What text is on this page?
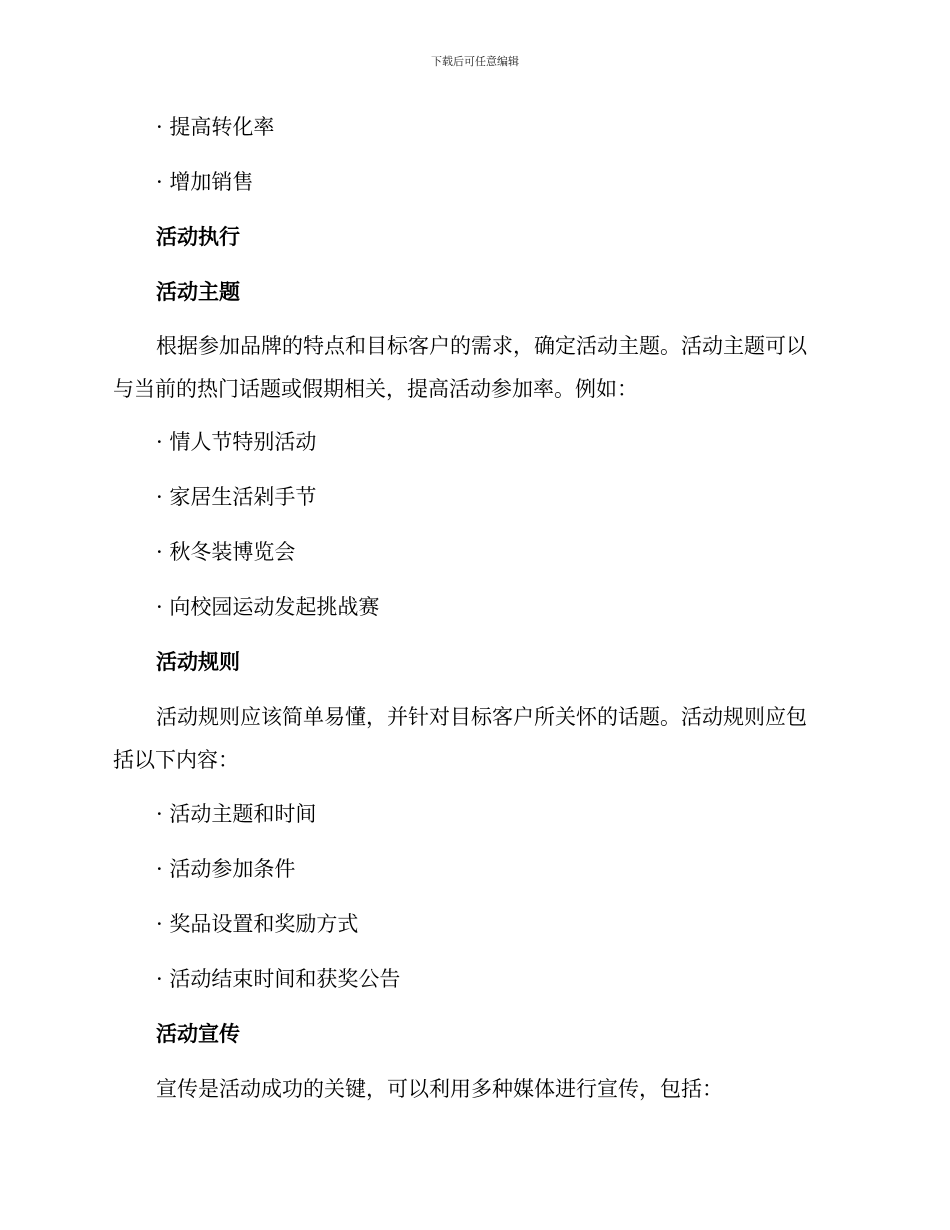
下载后可任意编辑
· 提高转化率
· 增加销售
活动执行
活动主题
根据参加品牌的特点和目标客户的需求，确定活动主题。活动主题可以
与当前的热门话题或假期相关，提高活动参加率。例如：
· 情人节特别活动
· 家居生活剁手节
· 秋冬装博览会
· 向校园运动发起挑战赛
活动规则
活动规则应该简单易懂，并针对目标客户所关怀的话题。活动规则应包
括以下内容：
· 活动主题和时间
· 活动参加条件
· 奖品设置和奖励方式
· 活动结束时间和获奖公告
活动宣传
宣传是活动成功的关键，可以利用多种媒体进行宣传，包括：
